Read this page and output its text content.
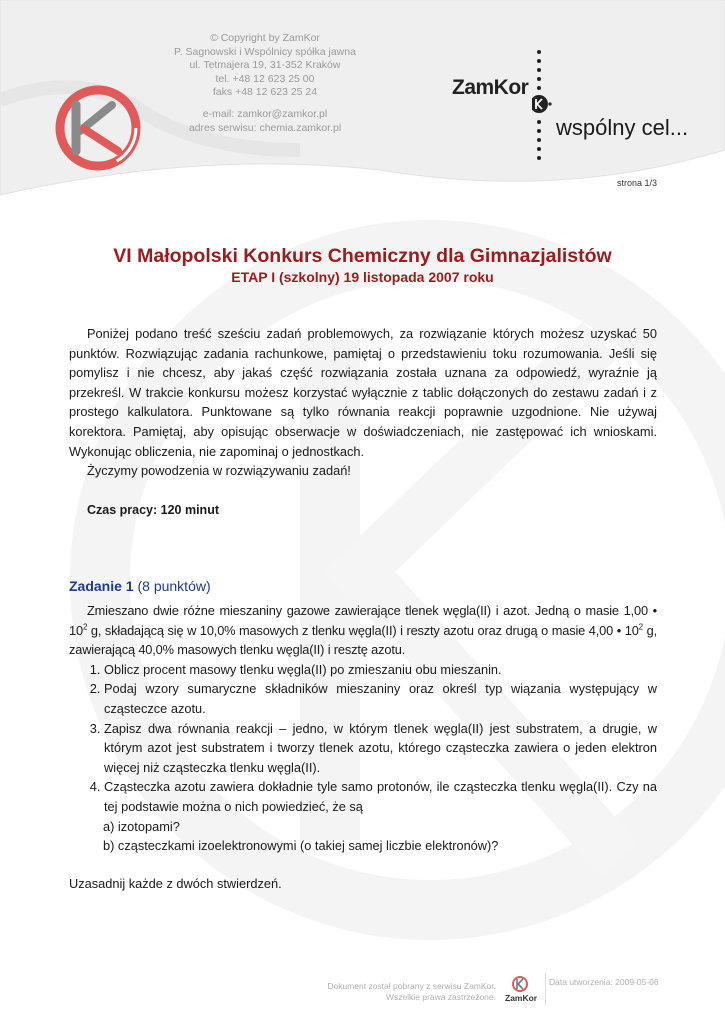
© Copyright by ZamKor
P. Sagnowski i Wspólnicy spółka jawna
ul. Tetmajera 19, 31-352 Kraków
tel. +48 12 623 25 00
faks +48 12 623 25 24
e-mail: zamkor@zamkor.pl
adres serwisu: chemia.zamkor.pl
ZamKor
wspólny cel...
strona 1/3
VI Małopolski Konkurs Chemiczny dla Gimnazjalistów
ETAP I (szkolny) 19 listopada 2007 roku

Poniżej podano treść sześciu zadań problemowych, za rozwiązanie których możesz uzyskać 50 punktów. Rozwiązując zadania rachunkowe, pamiętaj o przedstawieniu toku rozumowania. Jeśli się pomylisz i nie chcesz, aby jakaś część rozwiązania została uznana za odpowiedź, wyraźnie ją przekreśl. W trakcie konkursu możesz korzystać wyłącznie z tablic dołączonych do zestawu zadań i z prostego kalkulatora. Punktowane są tylko równania reakcji poprawnie uzgodnione. Nie używaj korektora. Pamiętaj, aby opisując obserwacje w doświadczeniach, nie zastępować ich wnioskami. Wykonując obliczenia, nie zapominaj o jednostkach.

Życzymy powodzenia w rozwiązywaniu zadań!

Czas pracy: 120 minut
Zadanie 1 (8 punktów)

Zmieszano dwie różne mieszaniny gazowe zawierające tlenek węgla(II) i azot. Jedną o masie 1,00 • $10^2$ g, składającą się w 10,0% masowych z tlenku węgla(II) i reszty azotu oraz drugą o masie 4,00 • $10^2$ g, zawierającą 40,0% masowych tlenku węgla(II) i resztę azotu.

1. Oblicz procent masowy tlenku węgla(II) po zmieszaniu obu mieszanin.
2. Podaj wzory sumaryczne składników mieszaniny oraz określ typ wiązania występujący w cząsteczce azotu.
3. Zapisz dwa równania reakcji – jedno, w którym tlenek węgla(II) jest substratem, a drugie, w którym azot jest substratem i tworzy tlenek azotu, którego cząsteczka zawiera o jeden elektron więcej niż cząsteczka tlenku węgla(II).
4. Cząsteczka azotu zawiera dokładnie tyle samo protonów, ile cząsteczka tlenku węgla(II). Czy na tej podstawie można o nich powiedzieć, że są
a) izotopami?
b) cząsteczkami izoelektronowymi (o takiej samej liczbie elektronów)?
Uzasadnij każde z dwóch stwierdzeń.
Dokument został pobrany z serwisu ZamKor.
Wszelkie prawa zastrzeżone. ZamKor
Data utworzenia: 2009-05-06
